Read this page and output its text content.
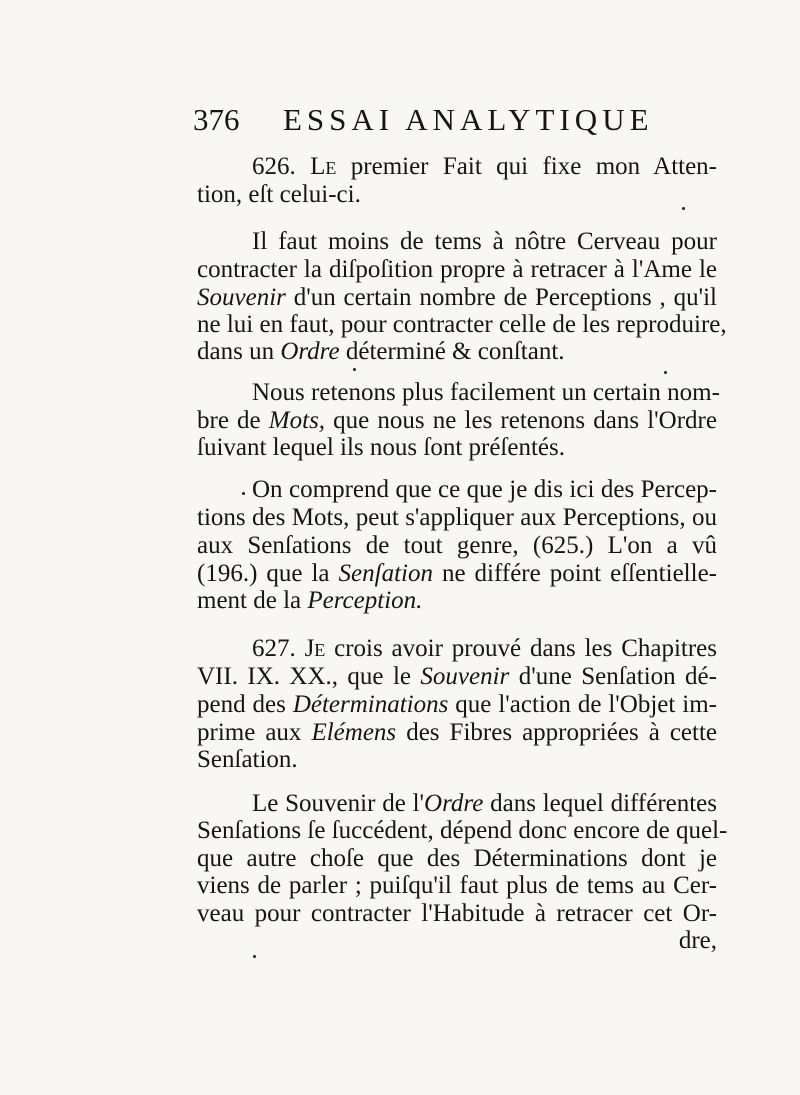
376 ESSAI ANALYTIQUE
626. Le premier Fait qui fixe mon Atten-
tion, eſt celui-ci.
Il faut moins de tems à nôtre Cerveau pour
contracter la diſpoſition propre à retracer à l'Ame le
Souvenir d'un certain nombre de Perceptions , qu'il
ne lui en faut, pour contracter celle de les reproduire,
dans un Ordre déterminé & conſtant.
Nous retenons plus facilement un certain nom-
bre de Mots, que nous ne les retenons dans l'Ordre
ſuivant lequel ils nous ſont préſentés.
On comprend que ce que je dis ici des Percep-
tions des Mots, peut s'appliquer aux Perceptions, ou
aux Senſations de tout genre, (625.) L'on a vû
(196.) que la Senſation ne différe point eſſentielle-
ment de la Perception.
627. Je crois avoir prouvé dans les Chapitres
VII. IX. XX., que le Souvenir d'une Senſation dé-
pend des Déterminations que l'action de l'Objet im-
prime aux Elémens des Fibres appropriées à cette
Senſation.
Le Souvenir de l'Ordre dans lequel différentes
Senſations ſe ſuccédent, dépend donc encore de quel-
que autre choſe que des Déterminations dont je
viens de parler ; puiſqu'il faut plus de tems au Cer-
veau pour contracter l'Habitude à retracer cet Or-
dre,
